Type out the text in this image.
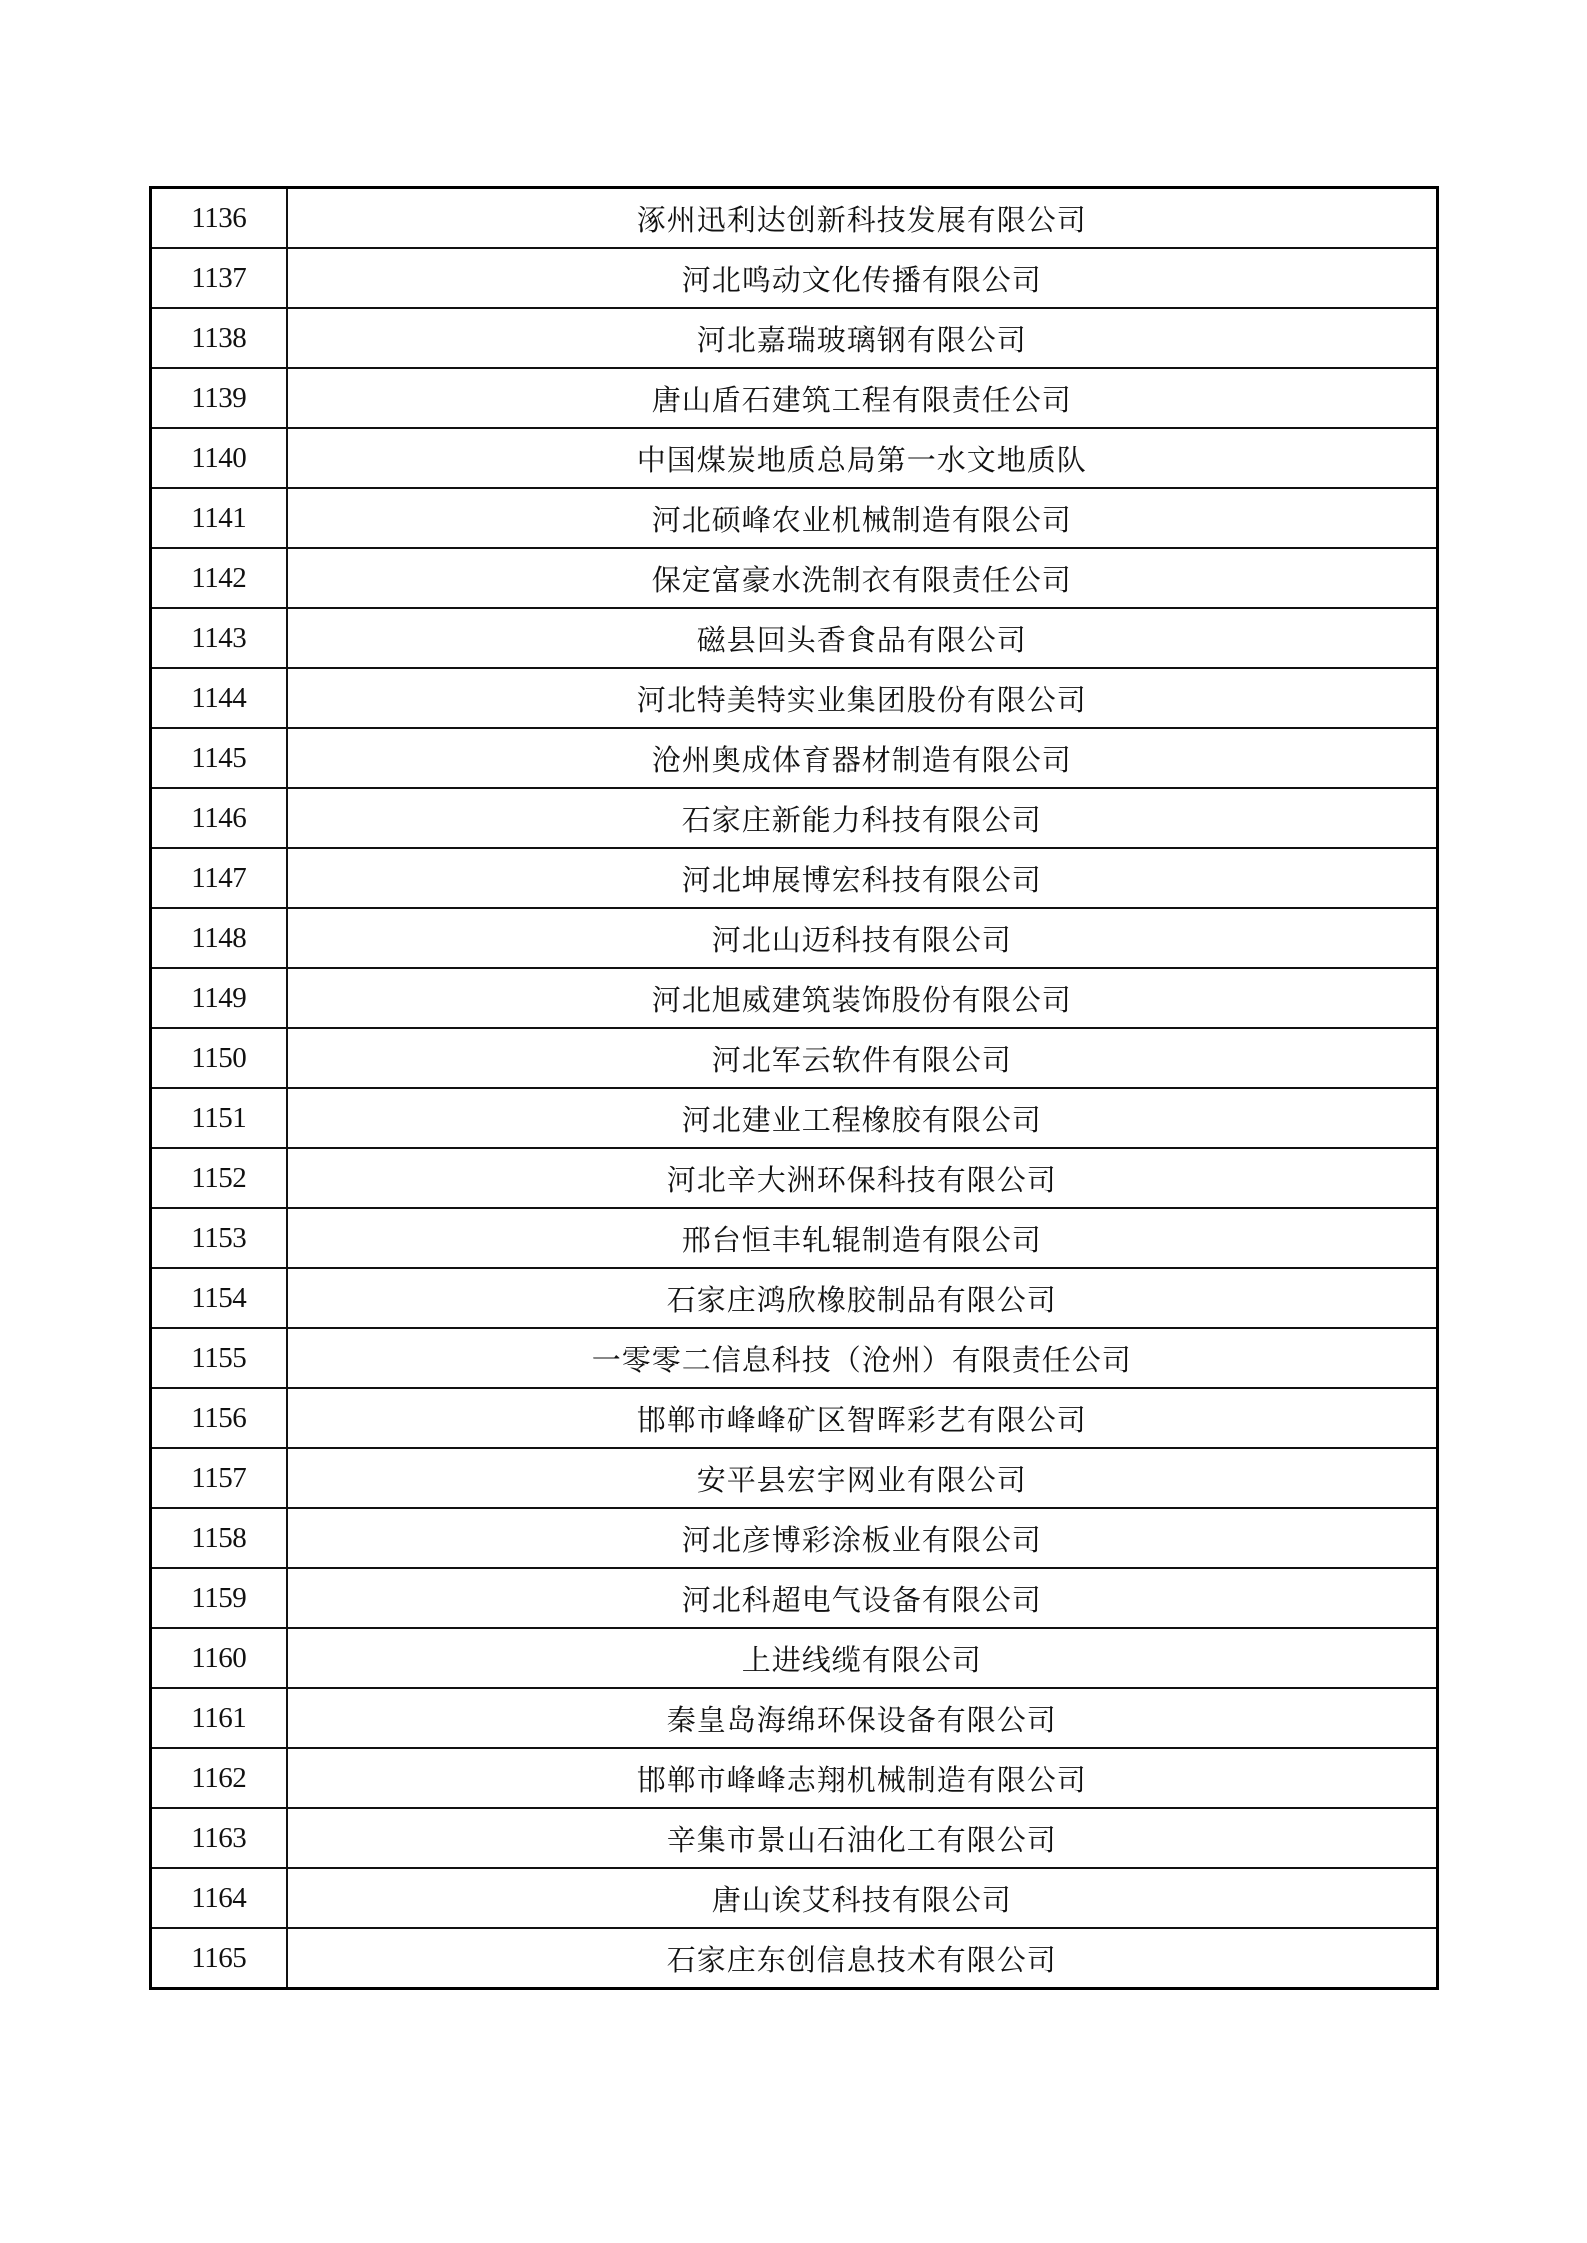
1136	涿州迅利达创新科技发展有限公司
1137	河北鸣动文化传播有限公司
1138	河北嘉瑞玻璃钢有限公司
1139	唐山盾石建筑工程有限责任公司
1140	中国煤炭地质总局第一水文地质队
1141	河北硕峰农业机械制造有限公司
1142	保定富豪水洗制衣有限责任公司
1143	磁县回头香食品有限公司
1144	河北特美特实业集团股份有限公司
1145	沧州奥成体育器材制造有限公司
1146	石家庄新能力科技有限公司
1147	河北坤展博宏科技有限公司
1148	河北山迈科技有限公司
1149	河北旭威建筑装饰股份有限公司
1150	河北军云软件有限公司
1151	河北建业工程橡胶有限公司
1152	河北辛大洲环保科技有限公司
1153	邢台恒丰轧辊制造有限公司
1154	石家庄鸿欣橡胶制品有限公司
1155	一零零二信息科技（沧州）有限责任公司
1156	邯郸市峰峰矿区智晖彩艺有限公司
1157	安平县宏宇网业有限公司
1158	河北彦博彩涂板业有限公司
1159	河北科超电气设备有限公司
1160	上进线缆有限公司
1161	秦皇岛海绵环保设备有限公司
1162	邯郸市峰峰志翔机械制造有限公司
1163	辛集市景山石油化工有限公司
1164	唐山诶艾科技有限公司
1165	石家庄东创信息技术有限公司
